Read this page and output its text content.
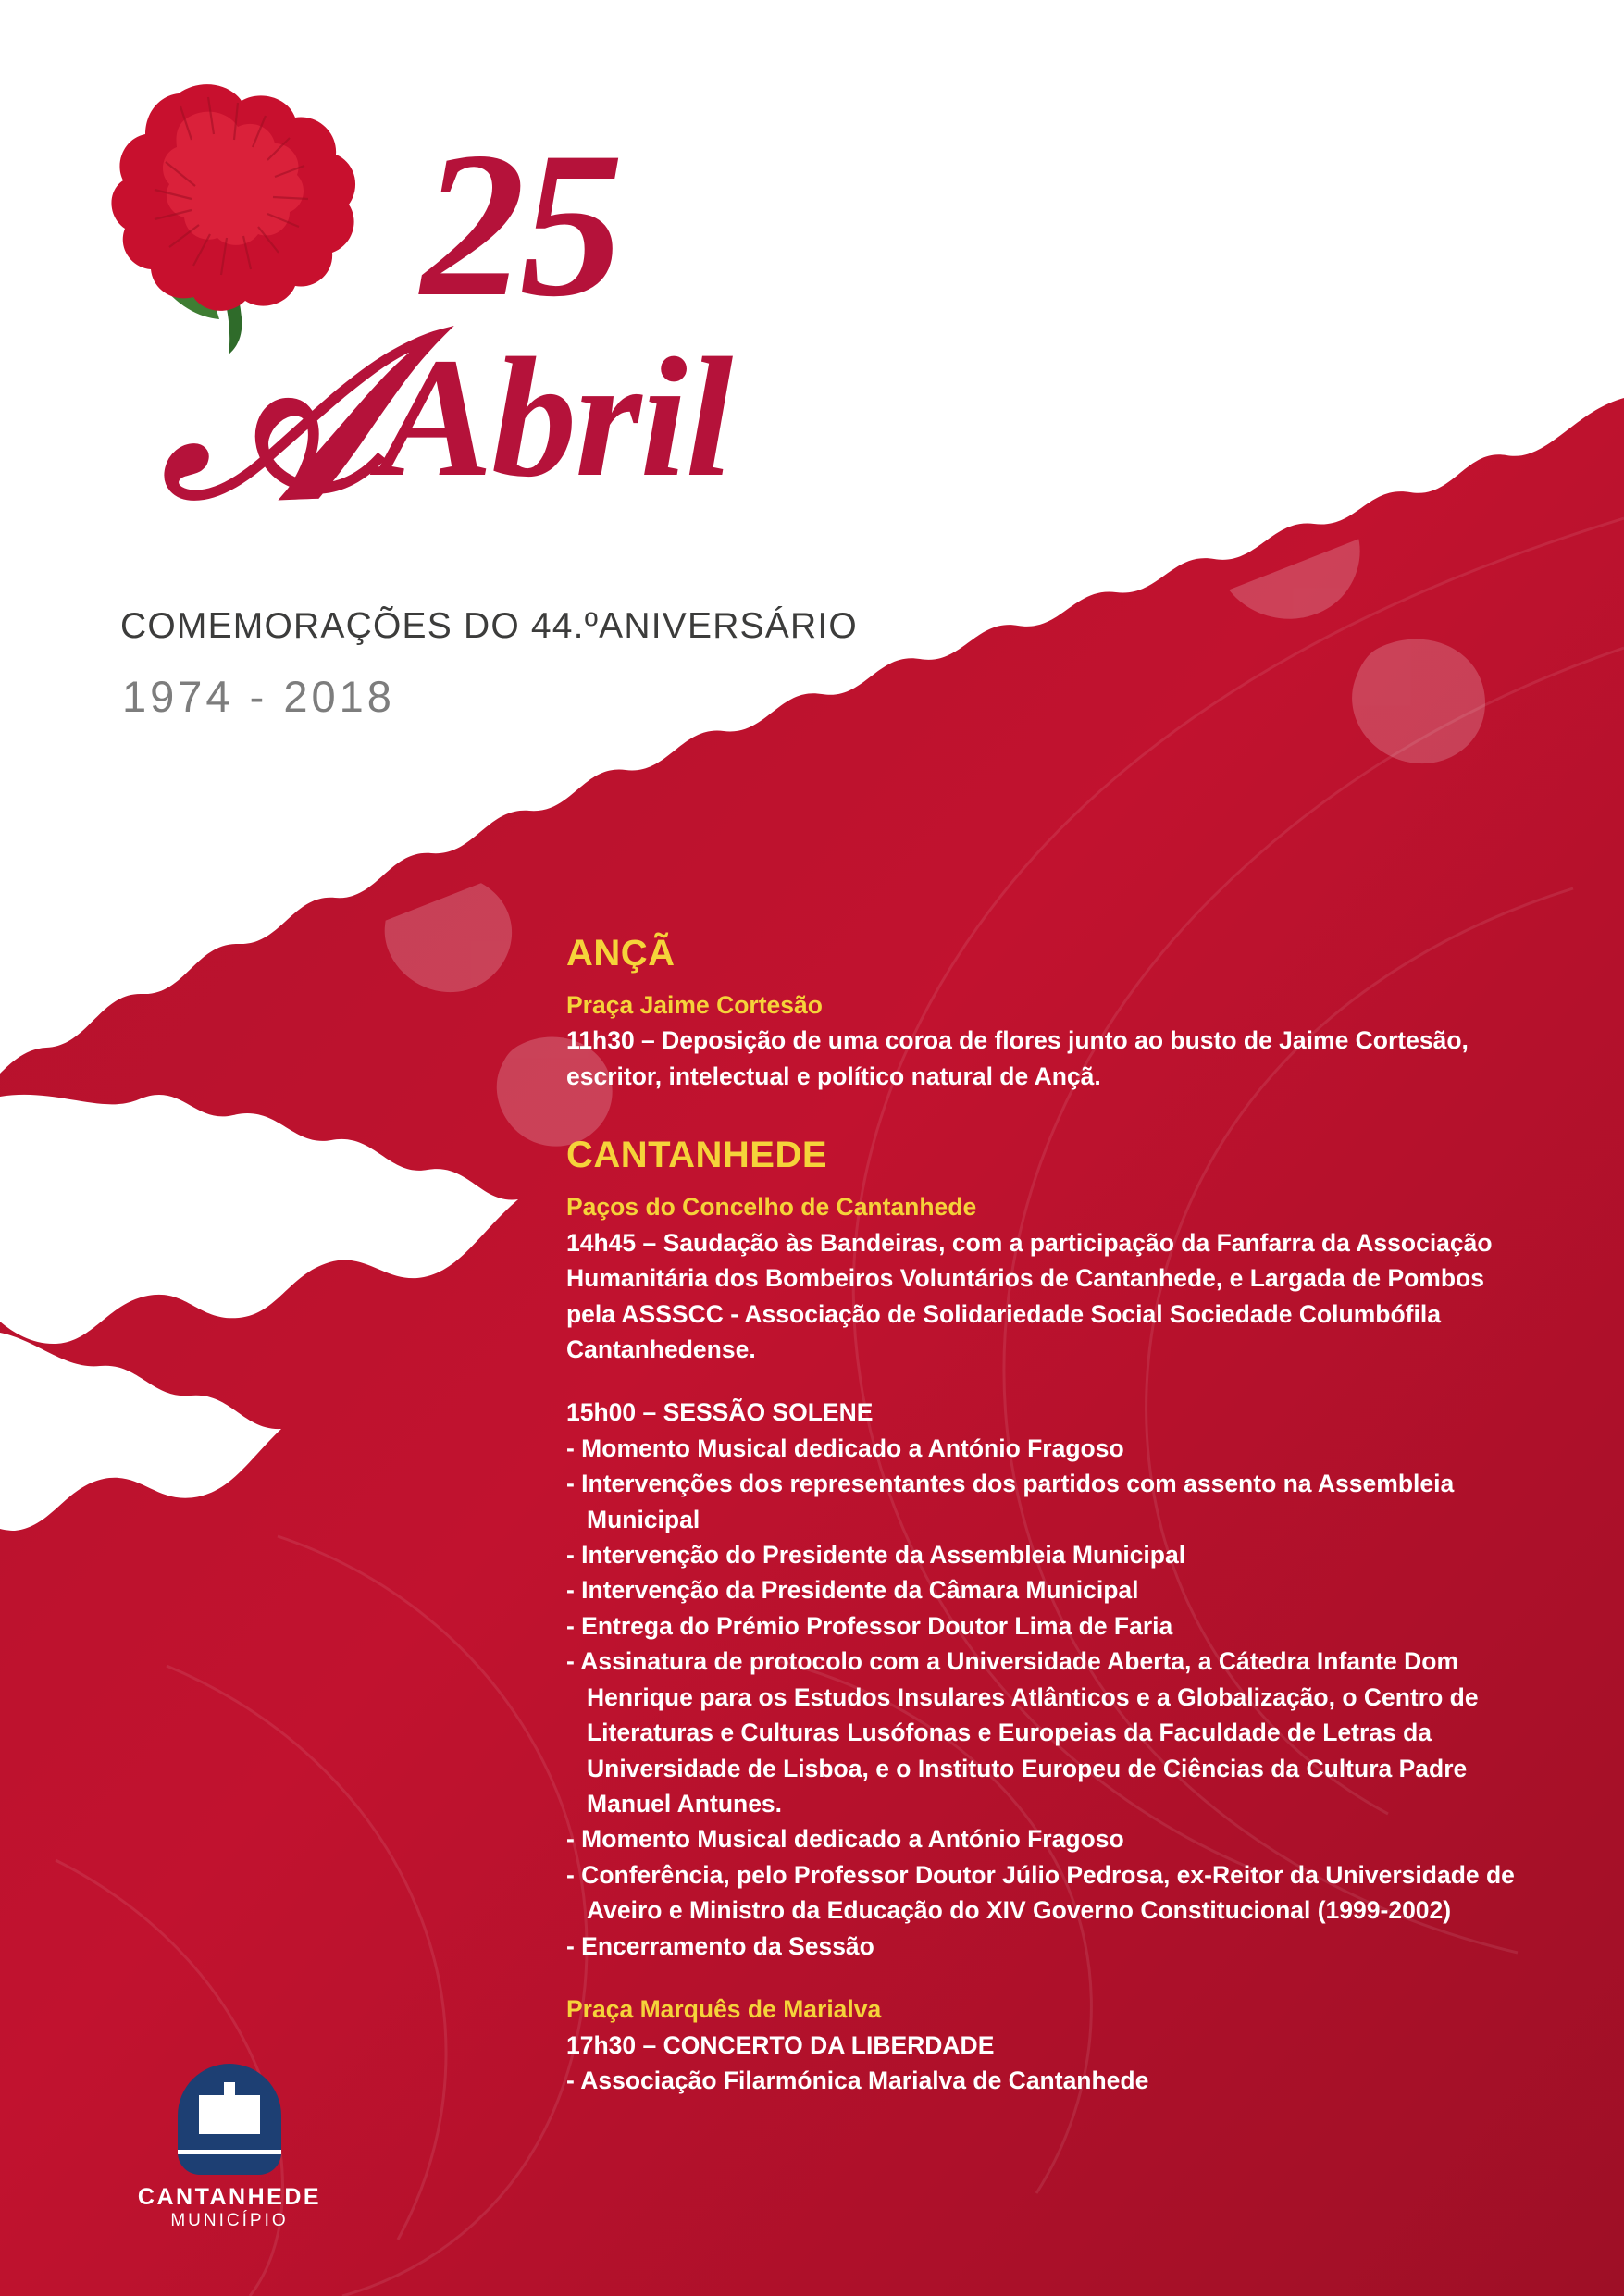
25
𝒜Abril
COMEMORAÇÕES DO 44.ºANIVERSÁRIO
1974 - 2018
ANÇÃ
Praça Jaime Cortesão
11h30 – Deposição de uma coroa de flores junto ao busto de Jaime Cortesão,
escritor, intelectual e político natural de Ançã.
CANTANHEDE
Paços do Concelho de Cantanhede
14h45 – Saudação às Bandeiras, com a participação da Fanfarra da Associação
Humanitária dos Bombeiros Voluntários de Cantanhede, e Largada de Pombos
pela ASSSCC - Associação de Solidariedade Social Sociedade Columbófila
Cantanhedense.
15h00 – SESSÃO SOLENE
- Momento Musical dedicado a António Fragoso
- Intervenções dos representantes dos partidos com assento na Assembleia Municipal
- Intervenção do Presidente da Assembleia Municipal
- Intervenção da Presidente da Câmara Municipal
- Entrega do Prémio Professor Doutor Lima de Faria
- Assinatura de protocolo com a Universidade Aberta, a Cátedra Infante Dom Henrique para os Estudos Insulares Atlânticos e a Globalização, o Centro de Literaturas e Culturas Lusófonas e Europeias da Faculdade de Letras da Universidade de Lisboa, e o Instituto Europeu de Ciências da Cultura Padre Manuel Antunes.
- Momento Musical dedicado a António Fragoso
- Conferência, pelo Professor Doutor Júlio Pedrosa, ex-Reitor da Universidade de Aveiro e Ministro da Educação do XIV Governo Constitucional (1999-2002)
- Encerramento da Sessão
Praça Marquês de Marialva
17h30 – CONCERTO DA LIBERDADE
- Associação Filarmónica Marialva de Cantanhede
CANTANHEDE
MUNICÍPIO
